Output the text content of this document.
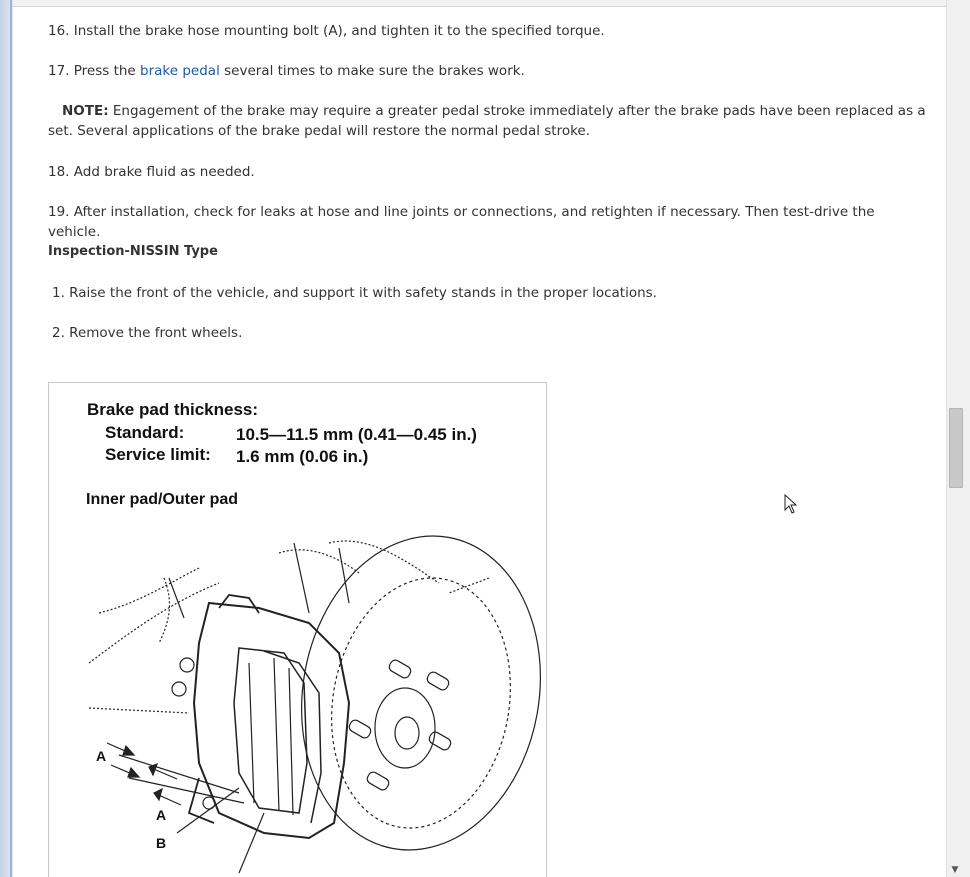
16. Install the brake hose mounting bolt (A), and tighten it to the specified torque.
17. Press the brake pedal several times to make sure the brakes work.
NOTE: Engagement of the brake may require a greater pedal stroke immediately after the brake pads have been replaced as a set. Several applications of the brake pedal will restore the normal pedal stroke.
18. Add brake fluid as needed.
19. After installation, check for leaks at hose and line joints or connections, and retighten if necessary. Then test-drive the vehicle.
Inspection-NISSIN Type
1. Raise the front of the vehicle, and support it with safety stands in the proper locations.
2. Remove the front wheels.
Brake pad thickness:
Standard:	10.5—11.5 mm (0.41—0.45 in.)
Service limit: 1.6 mm (0.06 in.)
Inner pad/Outer pad
A
A
B
▼
